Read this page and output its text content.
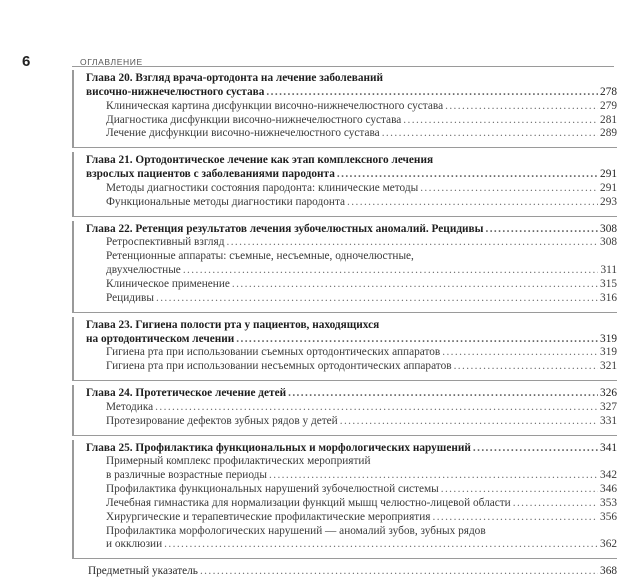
6	ОГЛАВЛЕНИЕ
Глава 20. Взгляд врача-ортодонта на лечение заболеваний
височно-нижнечелюстного сустава .....	278
Клиническая картина дисфункции височно-нижнечелюстного сустава .....	279
Диагностика дисфункции височно-нижнечелюстного сустава .....	281
Лечение дисфункции височно-нижнечелюстного сустава .....	289
Глава 21. Ортодонтическое лечение как этап комплексного лечения
взрослых пациентов с заболеваниями пародонта .....	291
Методы диагностики состояния пародонта: клинические методы .....	291
Функциональные методы диагностики пародонта .....	293
Глава 22. Ретенция результатов лечения зубочелюстных аномалий. Рецидивы .....	308
Ретроспективный взгляд .....	308
Ретенционные аппараты: съемные, несъемные, одночелюстные,
двухчелюстные .....	311
Клиническое применение .....	315
Рецидивы .....	316
Глава 23. Гигиена полости рта у пациентов, находящихся
на ортодонтическом лечении .....	319
Гигиена рта при использовании съемных ортодонтических аппаратов .....	319
Гигиена рта при использовании несъемных ортодонтических аппаратов .....	321
Глава 24. Протетическое лечение детей .....	326
Методика .....	327
Протезирование дефектов зубных рядов у детей .....	331
Глава 25. Профилактика функциональных и морфологических нарушений .....	341
Примерный комплекс профилактических мероприятий
в различные возрастные периоды .....	342
Профилактика функциональных нарушений зубочелюстной системы .....	346
Лечебная гимнастика для нормализации функций мышц челюстно-лицевой области .....	353
Хирургические и терапевтические профилактические мероприятия .....	356
Профилактика морфологических нарушений — аномалий зубов, зубных рядов
и окклюзии .....	362
Предметный указатель .....	368
